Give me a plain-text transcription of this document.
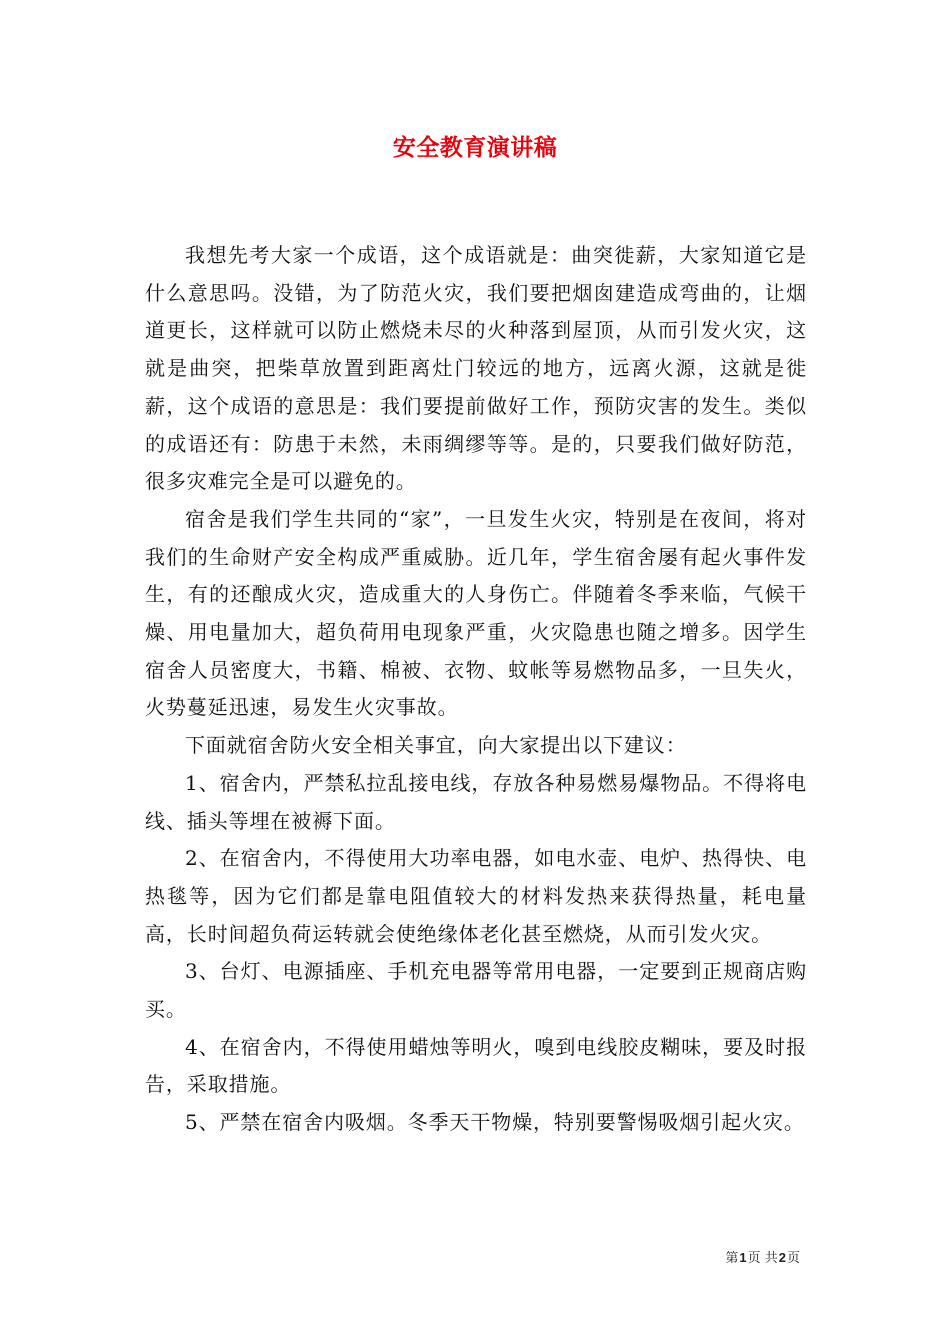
安全教育演讲稿

我想先考大家一个成语，这个成语就是：曲突徙薪，大家知道它是什么意思吗。没错，为了防范火灾，我们要把烟囱建造成弯曲的，让烟道更长，这样就可以防止燃烧未尽的火种落到屋顶，从而引发火灾，这就是曲突，把柴草放置到距离灶门较远的地方，远离火源，这就是徙薪，这个成语的意思是：我们要提前做好工作，预防灾害的发生。类似的成语还有：防患于未然，未雨绸缪等等。是的，只要我们做好防范，很多灾难完全是可以避免的。

宿舍是我们学生共同的“家”，一旦发生火灾，特别是在夜间，将对我们的生命财产安全构成严重威胁。近几年，学生宿舍屡有起火事件发生，有的还酿成火灾，造成重大的人身伤亡。伴随着冬季来临，气候干燥、用电量加大，超负荷用电现象严重，火灾隐患也随之增多。因学生宿舍人员密度大，书籍、棉被、衣物、蚊帐等易燃物品多，一旦失火，火势蔓延迅速，易发生火灾事故。

下面就宿舍防火安全相关事宜，向大家提出以下建议：

1、宿舍内，严禁私拉乱接电线，存放各种易燃易爆物品。不得将电线、插头等埋在被褥下面。

2、在宿舍内，不得使用大功率电器，如电水壶、电炉、热得快、电热毯等，因为它们都是靠电阻值较大的材料发热来获得热量，耗电量高，长时间超负荷运转就会使绝缘体老化甚至燃烧，从而引发火灾。

3、台灯、电源插座、手机充电器等常用电器，一定要到正规商店购买。

4、在宿舍内，不得使用蜡烛等明火，嗅到电线胶皮糊味，要及时报告，采取措施。

5、严禁在宿舍内吸烟。冬季天干物燥，特别要警惕吸烟引起火灾。

第1页 共2页
